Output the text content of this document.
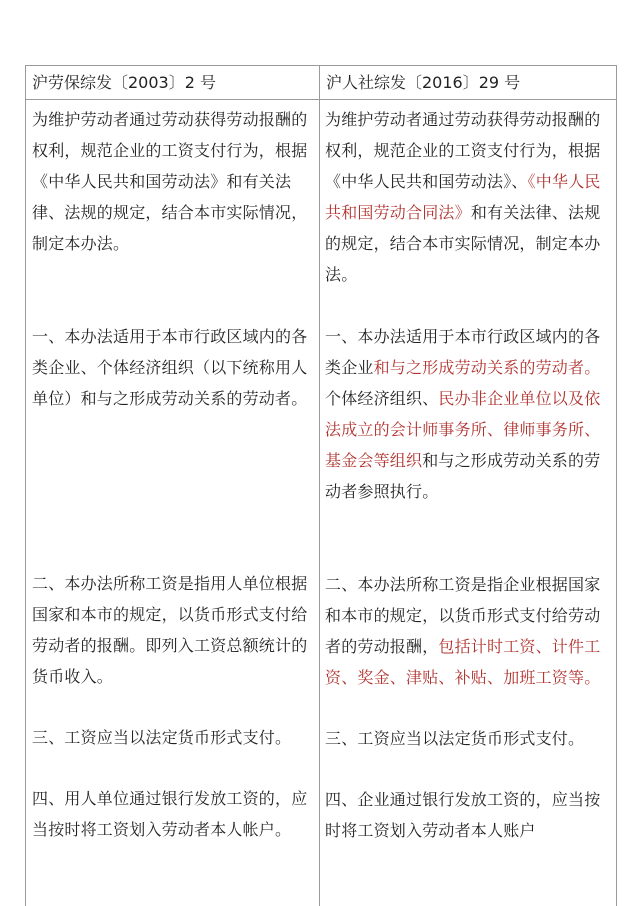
沪劳保综发〔2003〕2 号	沪人社综发〔2016〕29 号

为维护劳动者通过劳动获得劳动报酬的权利，规范企业的工资支付行为，根据《中华人民共和国劳动法》和有关法律、法规的规定，结合本市实际情况，制定本办法。

一、本办法适用于本市行政区域内的各类企业、个体经济组织（以下统称用人单位）和与之形成劳动关系的劳动者。

二、本办法所称工资是指用人单位根据国家和本市的规定，以货币形式支付给劳动者的报酬。即列入工资总额统计的货币收入。

三、工资应当以法定货币形式支付。

四、用人单位通过银行发放工资的，应当按时将工资划入劳动者本人帐户。

为维护劳动者通过劳动获得劳动报酬的权利，规范企业的工资支付行为，根据《中华人民共和国劳动法》、《中华人民共和国劳动合同法》和有关法律、法规的规定，结合本市实际情况，制定本办法。

一、本办法适用于本市行政区域内的各类企业和与之形成劳动关系的劳动者。个体经济组织、民办非企业单位以及依法成立的会计师事务所、律师事务所、基金会等组织和与之形成劳动关系的劳动者参照执行。

二、本办法所称工资是指企业根据国家和本市的规定，以货币形式支付给劳动者的劳动报酬，包括计时工资、计件工资、奖金、津贴、补贴、加班工资等。

三、工资应当以法定货币形式支付。

四、企业通过银行发放工资的，应当按时将工资划入劳动者本人账户
